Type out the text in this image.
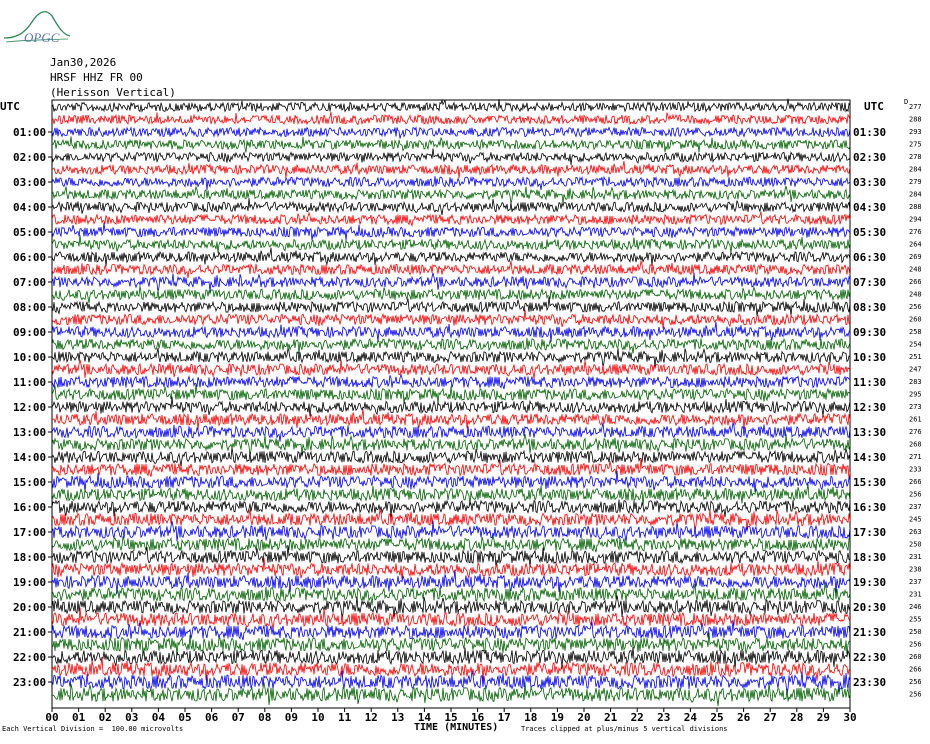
OPGC
Jan30,2026
HRSF HHZ FR 00
(Herisson Vertical)
UTC	UTC	D
01:00
02:00
03:00
04:00
05:00
06:00
07:00
08:00
09:00
10:00
11:00
12:00
13:00
14:00
15:00
16:00
17:00
18:00
19:00
20:00
21:00
22:00
23:00
01:30
02:30
03:30
04:30
05:30
06:30
07:30
08:30
09:30
10:30
11:30
12:30
13:30
14:30
15:30
16:30
17:30
18:30
19:30
20:30
21:30
22:30
23:30
277
288
293
275
278
284
279
284
288
294
276
264
269
248
266
248
256
260
258
254
251
247
283
295
273
261
276
268
271
233
266
256
237
245
263
250
231
238
237
231
246
255
250
256
260
266
256
256
00 01 02 03 04 05 06 07 08 09 10 11 12 13 14 15 16 17 18 19 20 21 22 23 24 25 26 27 28 29 30
Each Vertical Division =  100.00 microvolts	TIME (MINUTES)	Traces clipped at plus/minus 5 vertical divisions
